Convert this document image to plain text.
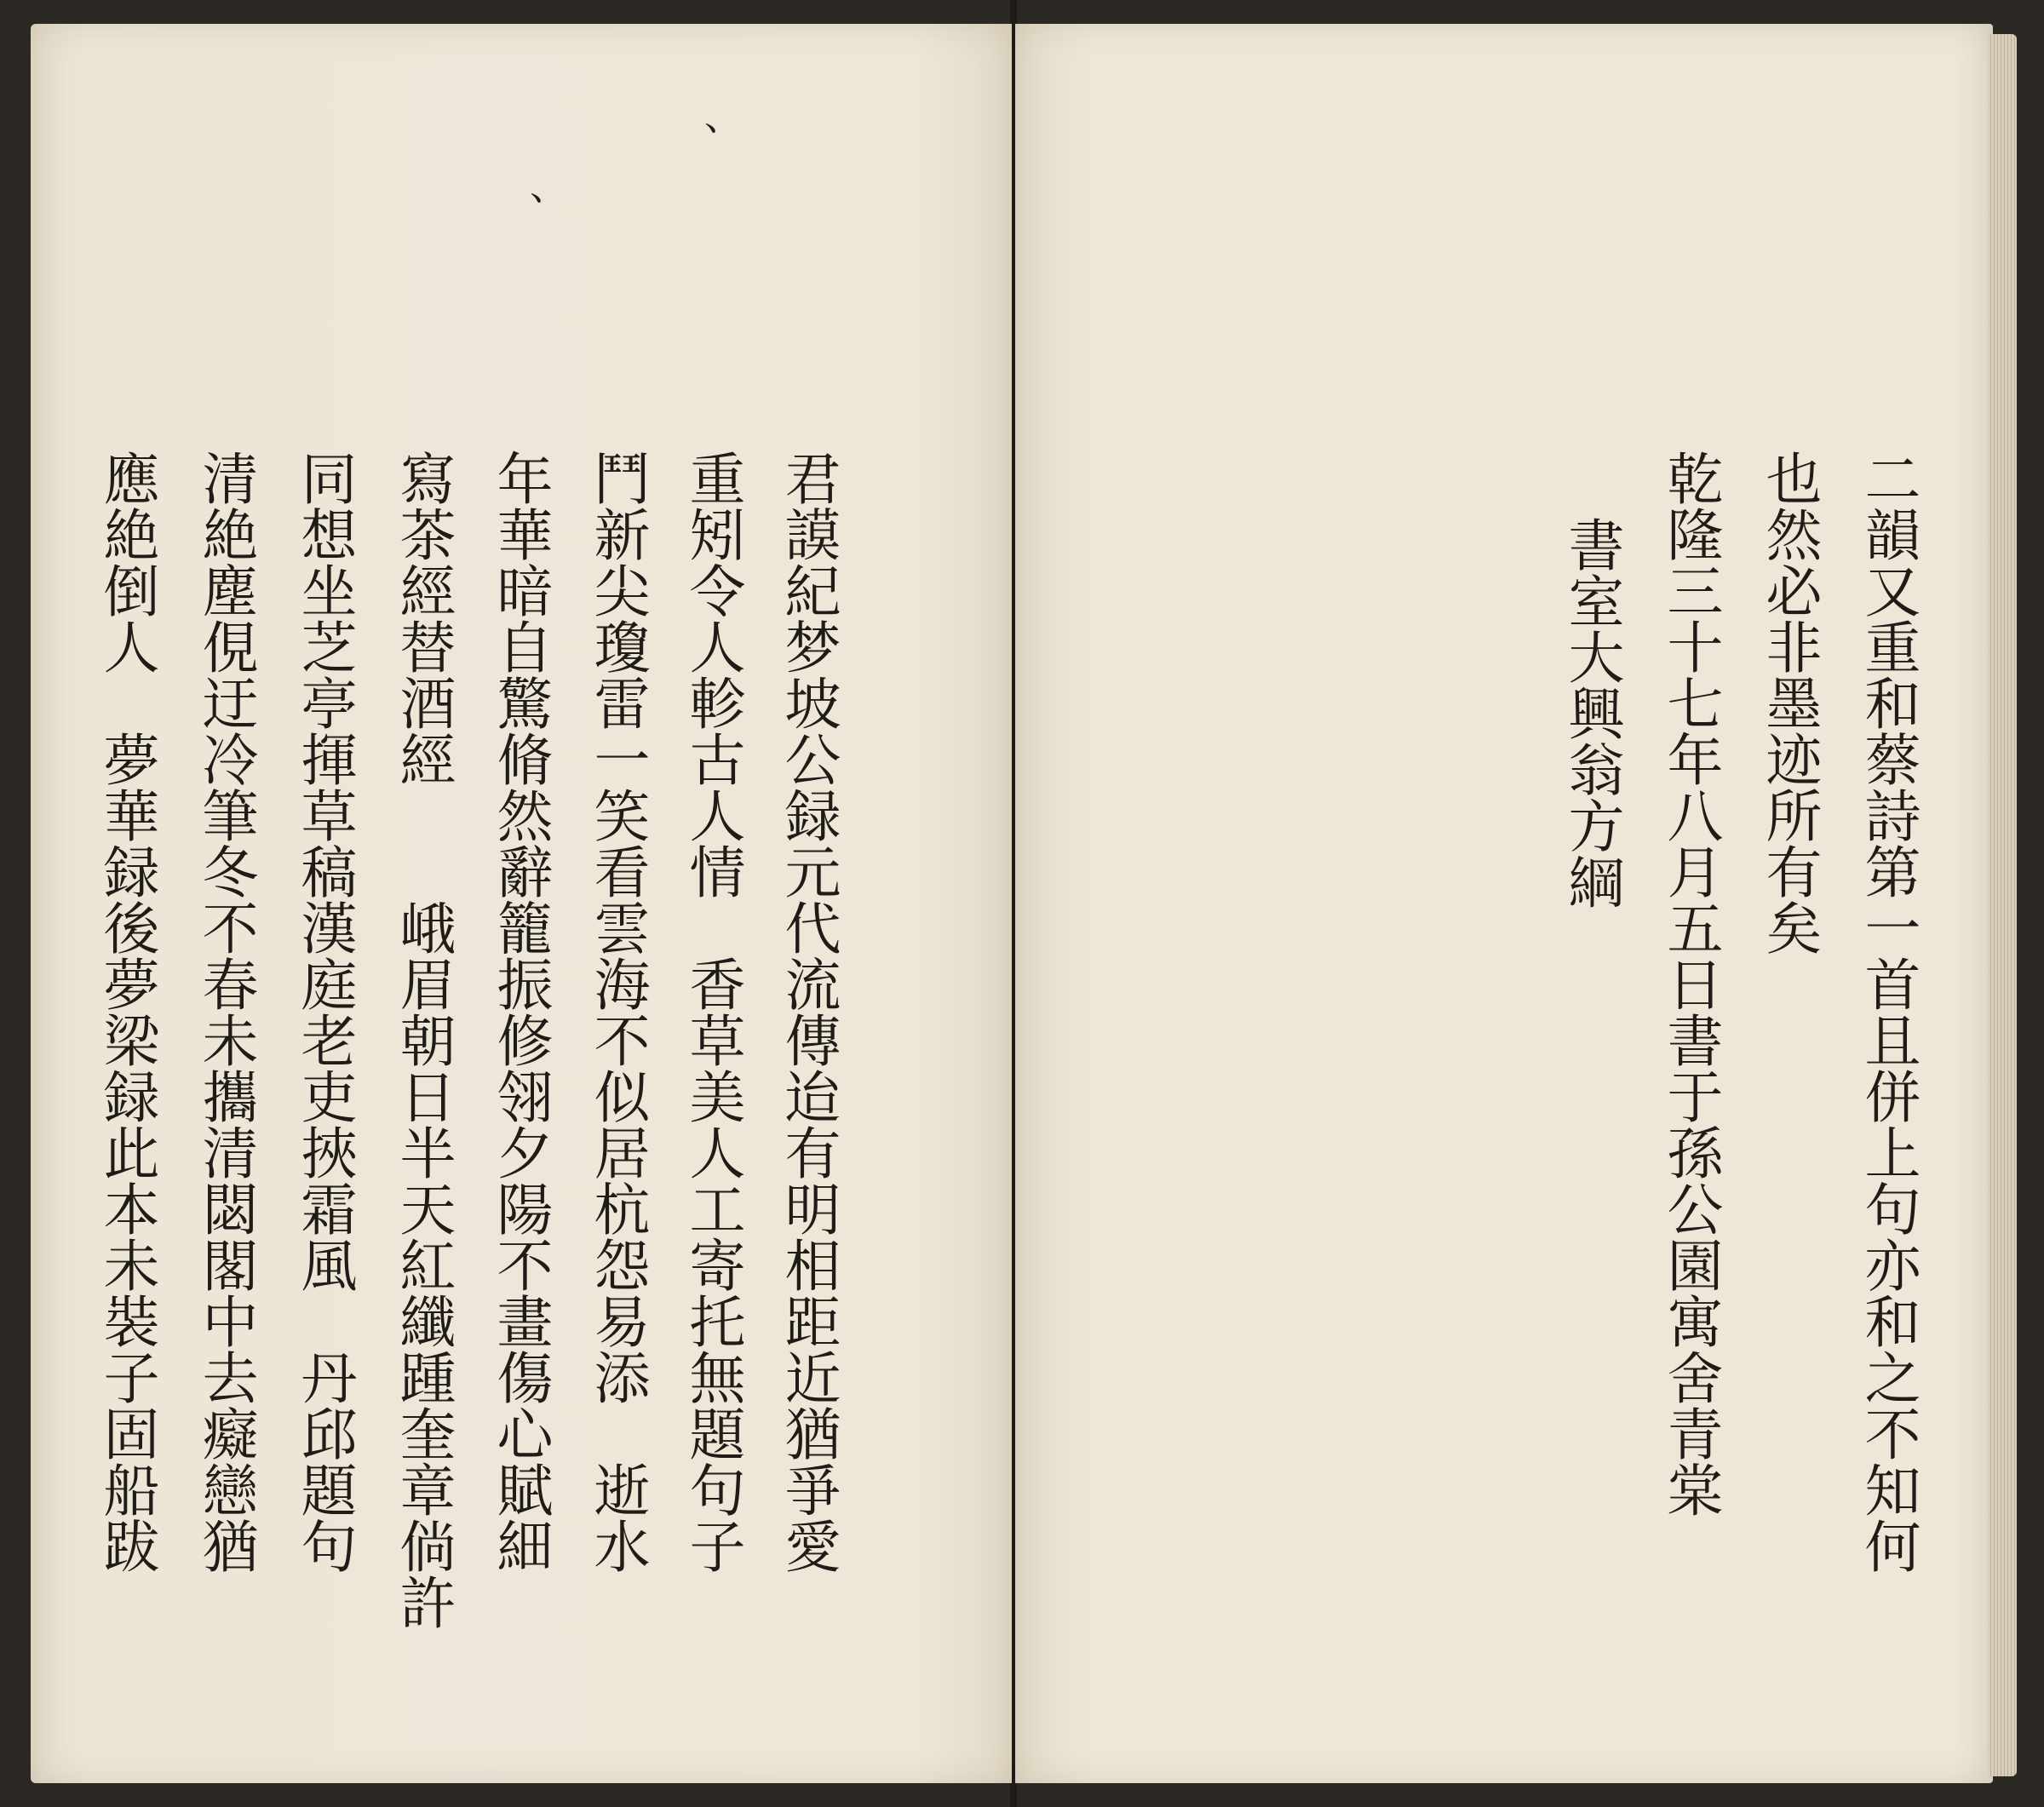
、
、
君謨紀梦坡公録元代流傳迨有明相距近猶爭愛
重矧令人軫古人情　香草美人工寄托無題句子
鬥新尖瓊雷一笑看雲海不似居杭怨易添　逝水
年華暗自驚脩然辭籠振修翎夕陽不畫傷心賦細
寫茶經替酒經　　峨眉朝日半天紅纖踵奎章倘許
同想坐芝亭揮草稿漢庭老吏挾霜風　丹邱題句
清絶塵俔迂冷筆冬不春未攜清閟閣中去癡戀猶
應絶倒人　夢華録後夢梁録此本未裝子固船跋	二韻又重和蔡詩第一首且併上句亦和之不知何
也然必非墨迹所有矣
乾隆三十七年八月五日書于孫公園寓舍青棠
書室大興翁方綱
